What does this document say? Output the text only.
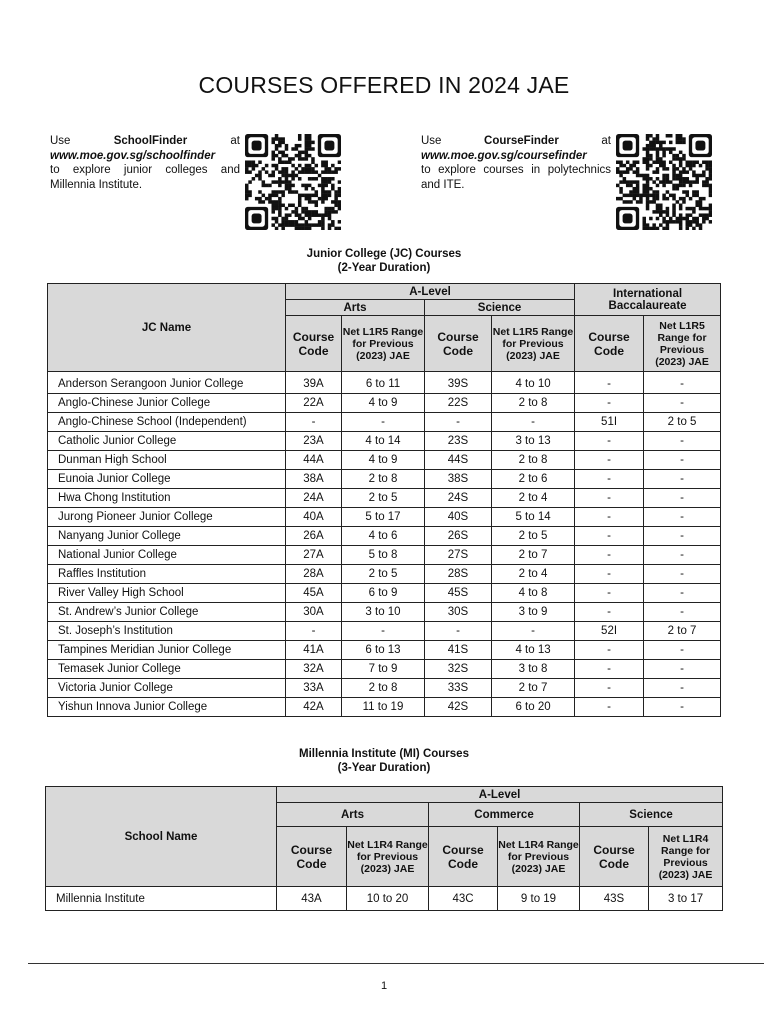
COURSES OFFERED IN 2024 JAE
Use	SchoolFinder	at
www.moe.gov.sg/schoolfinder
to explore junior colleges and Millennia Institute.
Use	CourseFinder	at
www.moe.gov.sg/coursefinder
to explore courses in polytechnics and ITE.
Junior College (JC) Courses
(2-Year Duration)
JC Name	A-Level				International Baccalaureate	
	Arts		Science			
	Course Code	Net L1R5 Range for Previous (2023) JAE	Course Code	Net L1R5 Range for Previous (2023) JAE	Course Code	Net L1R5 Range for Previous (2023) JAE
Anderson Serangoon Junior College	39A	6 to 11	39S	4 to 10	-	-
Anglo-Chinese Junior College	22A	4 to 9	22S	2 to 8	-	-
Anglo-Chinese School (Independent)	-	-	-	-	51I	2 to 5
Catholic Junior College	23A	4 to 14	23S	3 to 13	-	-
Dunman High School	44A	4 to 9	44S	2 to 8	-	-
Eunoia Junior College	38A	2 to 8	38S	2 to 6	-	-
Hwa Chong Institution	24A	2 to 5	24S	2 to 4	-	-
Jurong Pioneer Junior College	40A	5 to 17	40S	5 to 14	-	-
Nanyang Junior College	26A	4 to 6	26S	2 to 5	-	-
National Junior College	27A	5 to 8	27S	2 to 7	-	-
Raffles Institution	28A	2 to 5	28S	2 to 4	-	-
River Valley High School	45A	6 to 9	45S	4 to 8	-	-
St. Andrew’s Junior College	30A	3 to 10	30S	3 to 9	-	-
St. Joseph’s Institution	-	-	-	-	52I	2 to 7
Tampines Meridian Junior College	41A	6 to 13	41S	4 to 13	-	-
Temasek Junior College	32A	7 to 9	32S	3 to 8	-	-
Victoria Junior College	33A	2 to 8	33S	2 to 7	-	-
Yishun Innova Junior College	42A	11 to 19	42S	6 to 20	-	-
Millennia Institute (MI) Courses
(3-Year Duration)
School Name	A-Level					
	Arts		Commerce		Science	
	Course Code	Net L1R4 Range for Previous (2023) JAE	Course Code	Net L1R4 Range for Previous (2023) JAE	Course Code	Net L1R4 Range for Previous (2023) JAE
Millennia Institute	43A	10 to 20	43C	9 to 19	43S	3 to 17
1
